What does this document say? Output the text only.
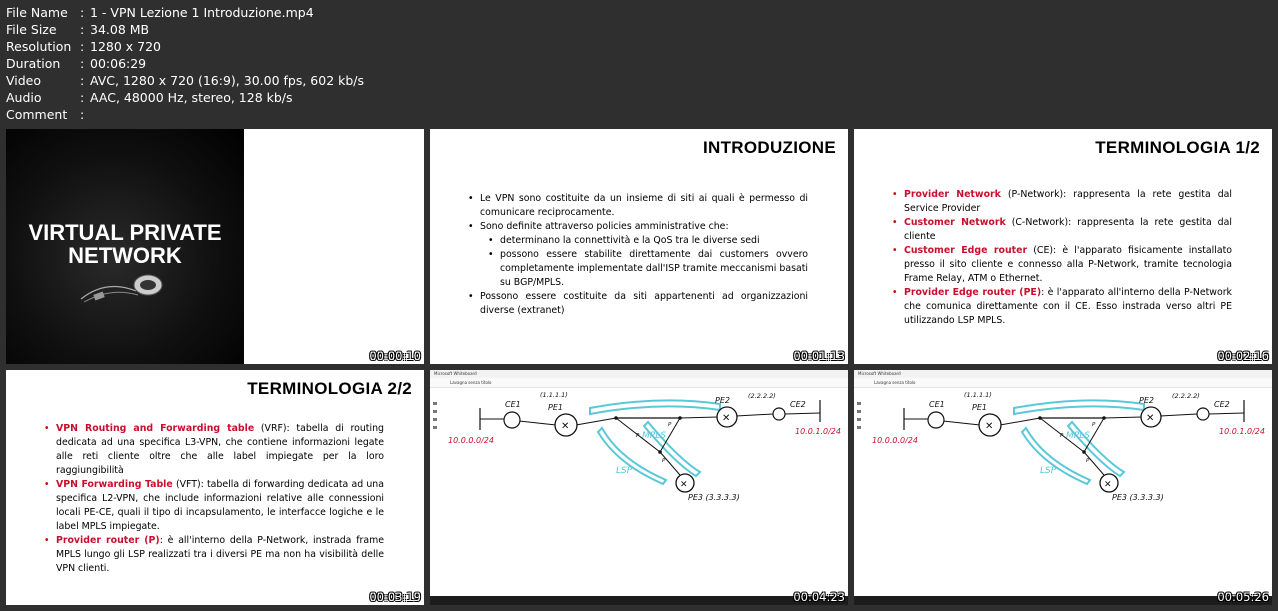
File Name : 1 - VPN Lezione 1 Introduzione.mp4
File Size	: 34.08 MB
Resolution : 1280 x 720
Duration	: 00:06:29
Video	: AVC, 1280 x 720 (16:9), 30.00 fps, 602 kb/s
Audio	: AAC, 48000 Hz, stereo, 128 kb/s
Comment	:
VIRTUAL PRIVATE
NETWORK
00:00:10
INTRODUZIONE
• Le VPN sono costituite da un insieme di siti ai quali è permesso di comunicare reciprocamente.
• Sono definite attraverso policies amministrative che:
• determinano la connettività e la QoS tra le diverse sedi
• possono essere stabilite direttamente dai customers ovvero completamente implementate dall'ISP tramite meccanismi basati su BGP/MPLS.
• Possono essere costituite da siti appartenenti ad organizzazioni diverse (extranet)
00:01:13
TERMINOLOGIA 1/2
• Provider Network (P-Network): rappresenta la rete gestita dal Service Provider
• Customer Network (C-Network): rappresenta la rete gestita dal cliente
• Customer Edge router (CE): è l'apparato fisicamente installato presso il sito cliente e connesso alla P-Network, tramite tecnologia Frame Relay, ATM o Ethernet.
• Provider Edge router (PE): è l'apparato all'interno della P-Network che comunica direttamente con il CE. Esso instrada verso altri PE utilizzando LSP MPLS.
00:02:16
TERMINOLOGIA 2/2
• VPN Routing and Forwarding table (VRF): tabella di routing dedicata ad una specifica L3-VPN, che contiene informazioni legate alle reti cliente oltre che alle label impiegate per la loro raggiungibilità
• VPN Forwarding Table (VFT): tabella di forwarding dedicata ad una specifica L2-VPN, che include informazioni relative alle connessioni locali PE-CE, quali il tipo di incapsulamento, le interfacce logiche e le label MPLS impiegate.
• Provider router (P): è all'interno della P-Network, instrada frame MPLS lungo gli LSP realizzati tra i diversi PE ma non ha visibilità delle VPN clienti.
00:03:19
Microsoft Whiteboard
Lavagna senza titolo
✕
✕
✕
CE1
(1.1.1.1)
PE1
PE2	(2.2.2.2)
CE2
10.0.0.0/24
10.0.1.0/24
MPLS
LSP
P
P
P
PE3 (3.3.3.3)
00:04:23
Microsoft Whiteboard
Lavagna senza titolo
✕
✕
✕
CE1
(1.1.1.1)
PE1
PE2	(2.2.2.2)
CE2
10.0.0.0/24
10.0.1.0/24
MPLS
LSP
P
P
P
PE3 (3.3.3.3)
00:05:26
